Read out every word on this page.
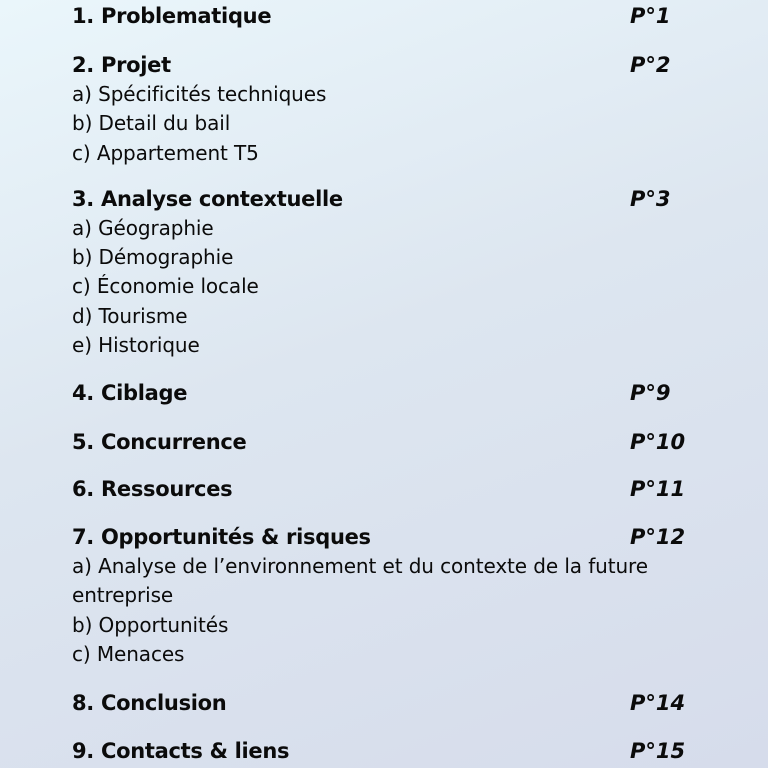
1. Problematique	P°1
2. Projet	P°2
a) Spécificités techniques
b) Detail du bail
c) Appartement T5
3. Analyse contextuelle	P°3
a) Géographie
b) Démographie
c) Économie locale
d) Tourisme
e) Historique
4. Ciblage	P°9
5. Concurrence	P°10
6. Ressources	P°11
7. Opportunités & risques	P°12
a) Analyse de l’environnement et du contexte de la future entreprise
b) Opportunités
c) Menaces
8. Conclusion	P°14
9. Contacts & liens	P°15
